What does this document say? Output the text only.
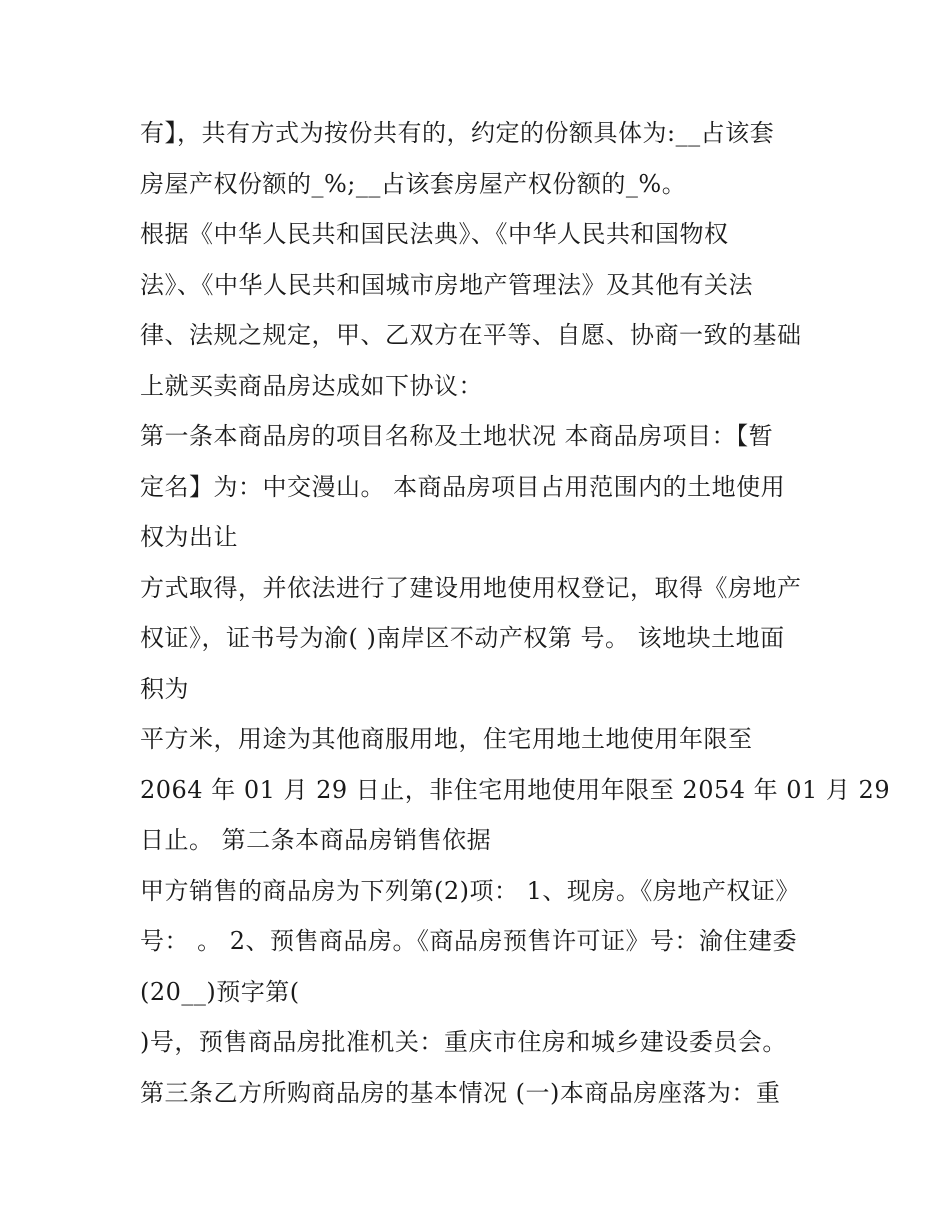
有】，共有方式为按份共有的，约定的份额具体为:__占该套
房屋产权份额的_%;__占该套房屋产权份额的_%。
根据《中华人民共和国民法典》、《中华人民共和国物权
法》、《中华人民共和国城市房地产管理法》及其他有关法
律、法规之规定，甲、乙双方在平等、自愿、协商一致的基础
上就买卖商品房达成如下协议：
第一条本商品房的项目名称及土地状况 本商品房项目：【暂
定名】为：中交漫山。 本商品房项目占用范围内的土地使用
权为出让
方式取得，并依法进行了建设用地使用权登记，取得《房地产
权证》，证书号为渝( )南岸区不动产权第 号。 该地块土地面
积为
平方米，用途为其他商服用地，住宅用地土地使用年限至
2064 年 01 月 29 日止，非住宅用地使用年限至 2054 年 01 月 29
日止。 第二条本商品房销售依据
甲方销售的商品房为下列第(2)项： 1、现房。《房地产权证》
号： 。 2、预售商品房。《商品房预售许可证》号：渝住建委
(20__)预字第(
)号，预售商品房批准机关：重庆市住房和城乡建设委员会。
第三条乙方所购商品房的基本情况 (一)本商品房座落为：重
